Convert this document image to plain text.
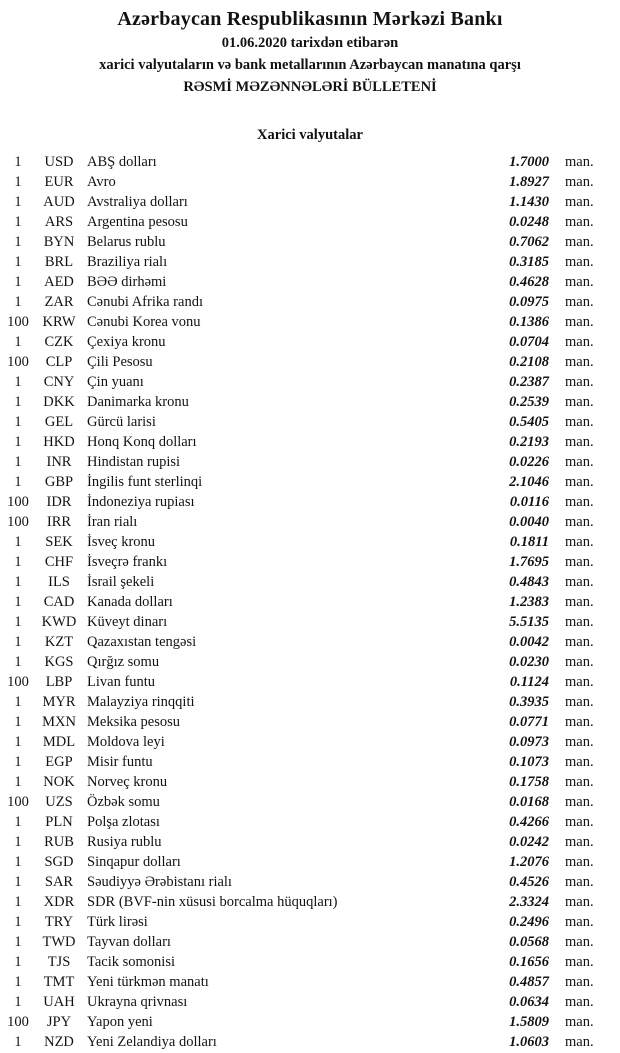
Azərbaycan Respublikasının Mərkəzi Bankı
01.06.2020 tarixdən etibarən
xarici valyutaların və bank metallarının Azərbaycan manatına qarşı
RƏSMİ MƏZƏNNƏLƏRİ BÜLLETENİ
Xarici valyutalar
1	USD ABŞ dolları	1.7000	man.
1	EUR Avro	1.8927	man.
1	AUD Avstraliya dolları	1.1430	man.
1	ARS Argentina pesosu	0.0248	man.
1	BYN Belarus rublu	0.7062	man.
1	BRL Braziliya rialı	0.3185	man.
1	AED BƏƏ dirhəmi	0.4628	man.
1	ZAR Cənubi Afrika randı	0.0975	man.
100 KRW Cənubi Korea vonu	0.1386	man.
1	CZK Çexiya kronu	0.0704	man.
100	CLP	Çili Pesosu	0.2108	man.
1	CNY Çin yuanı	0.2387	man.
1	DKK Danimarka kronu	0.2539	man.
1	GEL Gürcü larisi	0.5405	man.
1	HKD Honq Konq dolları	0.2193	man.
1	INR	Hindistan rupisi	0.0226	man.
1	GBP İngilis funt sterlinqi	2.1046	man.
100	IDR	İndoneziya rupiası	0.0116	man.
100	IRR	İran rialı	0.0040	man.
1	SEK İsveç kronu	0.1811	man.
1	CHF İsveçrə frankı	1.7695	man.
1	ILS	İsrail şekeli	0.4843	man.
1	CAD Kanada dolları	1.2383	man.
1	KWD Küveyt dinarı	5.5135	man.
1	KZT Qazaxıstan tengəsi	0.0042	man.
1	KGS Qırğız somu	0.0230	man.
100	LBP	Livan funtu	0.1124	man.
1	MYR Malayziya rinqqiti	0.3935	man.
1	MXN Meksika pesosu	0.0771	man.
1	MDL Moldova leyi	0.0973	man.
1	EGP Misir funtu	0.1073	man.
1	NOK Norveç kronu	0.1758	man.
100	UZS Özbək somu	0.0168	man.
1	PLN Polşa zlotası	0.4266	man.
1	RUB Rusiya rublu	0.0242	man.
1	SGD Sinqapur dolları	1.2076	man.
1	SAR Səudiyyə Ərəbistanı rialı	0.4526	man.
1	XDR SDR (BVF-nin xüsusi borcalma hüquqları)	2.3324	man.
1	TRY Türk lirəsi	0.2496	man.
1	TWD Tayvan dolları	0.0568	man.
1	TJS	Tacik somonisi	0.1656	man.
1	TMT Yeni türkmən manatı	0.4857	man.
1	UAH Ukrayna qrivnası	0.0634	man.
100	JPY	Yapon yeni	1.5809	man.
1	NZD Yeni Zelandiya dolları	1.0603	man.
